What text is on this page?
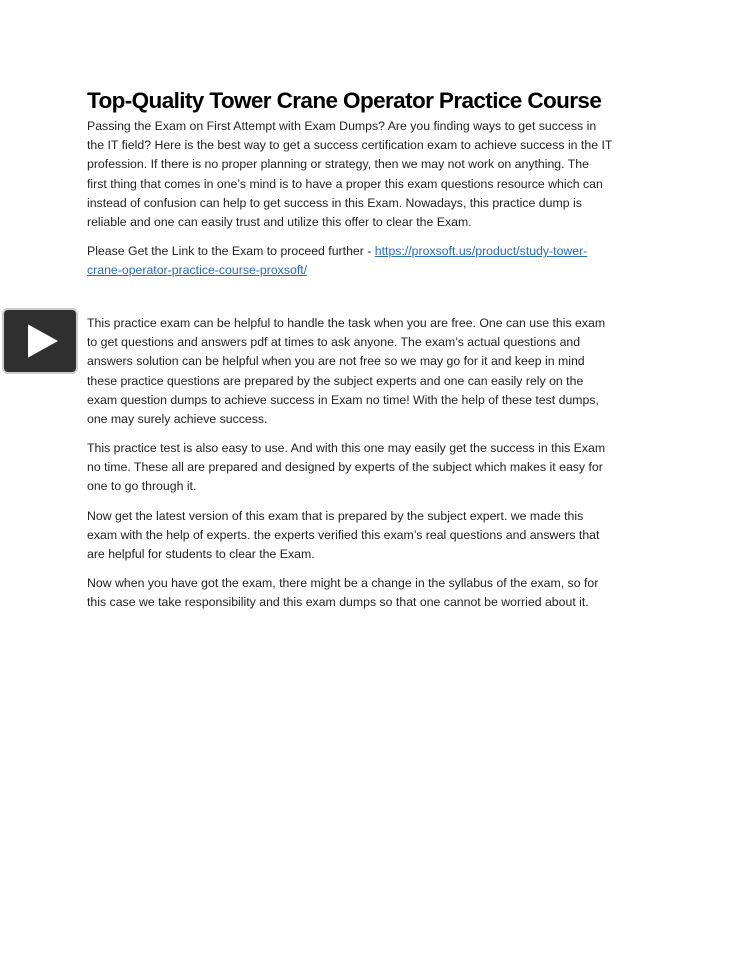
Top-Quality Tower Crane Operator Practice Course
Passing the Exam on First Attempt with Exam Dumps? Are you finding ways to get success in
the IT field? Here is the best way to get a success certification exam to achieve success in the IT
profession. If there is no proper planning or strategy, then we may not work on anything. The
first thing that comes in one’s mind is to have a proper this exam questions resource which can
instead of confusion can help to get success in this Exam. Nowadays, this practice dump is
reliable and one can easily trust and utilize this offer to clear the Exam.
Please Get the Link to the Exam to proceed further - https://proxsoft.us/product/study-tower-
crane-operator-practice-course-proxsoft/
This practice exam can be helpful to handle the task when you are free. One can use this exam
to get questions and answers pdf at times to ask anyone. The exam’s actual questions and
answers solution can be helpful when you are not free so we may go for it and keep in mind
these practice questions are prepared by the subject experts and one can easily rely on the
exam question dumps to achieve success in Exam no time! With the help of these test dumps,
one may surely achieve success.
This practice test is also easy to use. And with this one may easily get the success in this Exam
no time. These all are prepared and designed by experts of the subject which makes it easy for
one to go through it.
Now get the latest version of this exam that is prepared by the subject expert. we made this
exam with the help of experts. the experts verified this exam’s real questions and answers that
are helpful for students to clear the Exam.
Now when you have got the exam, there might be a change in the syllabus of the exam, so for
this case we take responsibility and this exam dumps so that one cannot be worried about it.
